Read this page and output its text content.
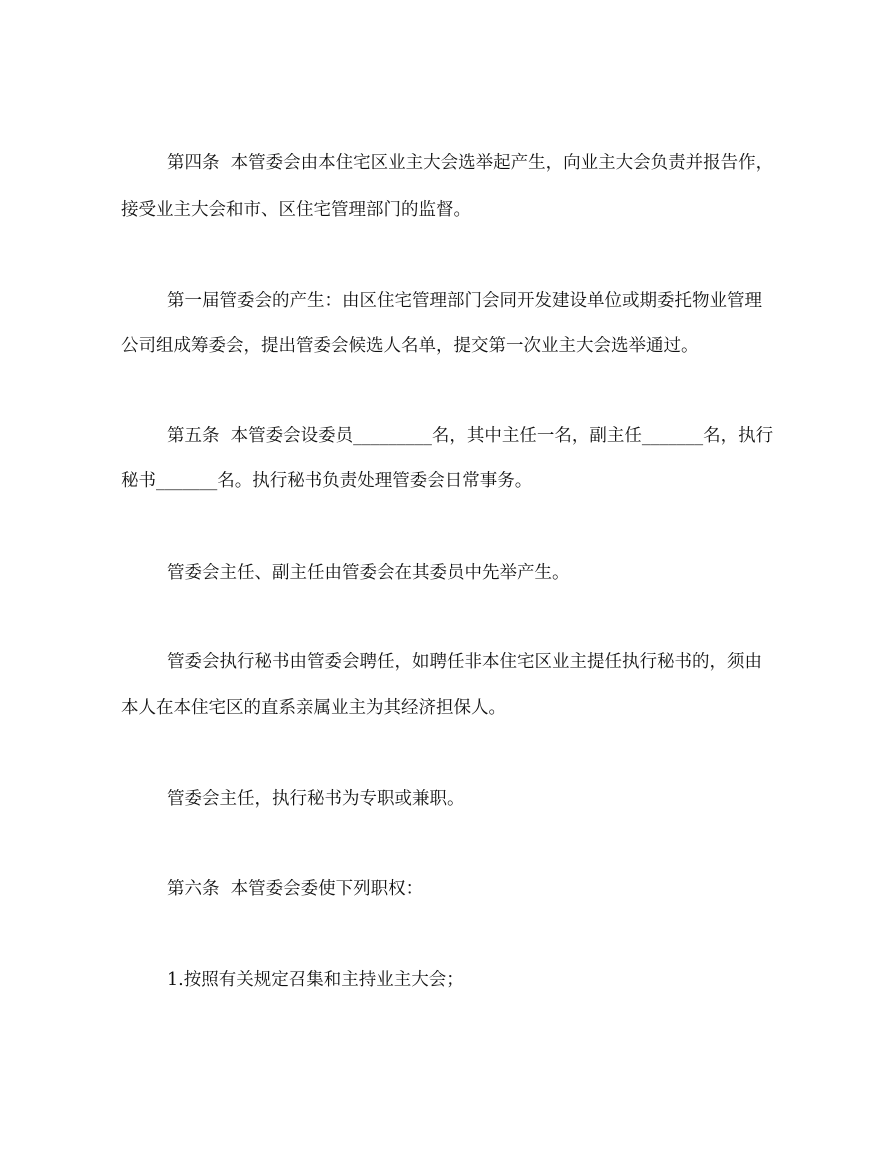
第四条  本管委会由本住宅区业主大会选举起产生，向业主大会负责并报告作，
接受业主大会和市、区住宅管理部门的监督。
第一届管委会的产生：由区住宅管理部门会同开发建设单位或期委托物业管理
公司组成筹委会，提出管委会候选人名单，提交第一次业主大会选举通过。
第五条  本管委会设委员_________名，其中主任一名，副主任_______名，执行
秘书_______名。执行秘书负责处理管委会日常事务。
管委会主任、副主任由管委会在其委员中先举产生。
管委会执行秘书由管委会聘任，如聘任非本住宅区业主提任执行秘书的，须由
本人在本住宅区的直系亲属业主为其经济担保人。
管委会主任，执行秘书为专职或兼职。
第六条  本管委会委使下列职权：
1.按照有关规定召集和主持业主大会；
